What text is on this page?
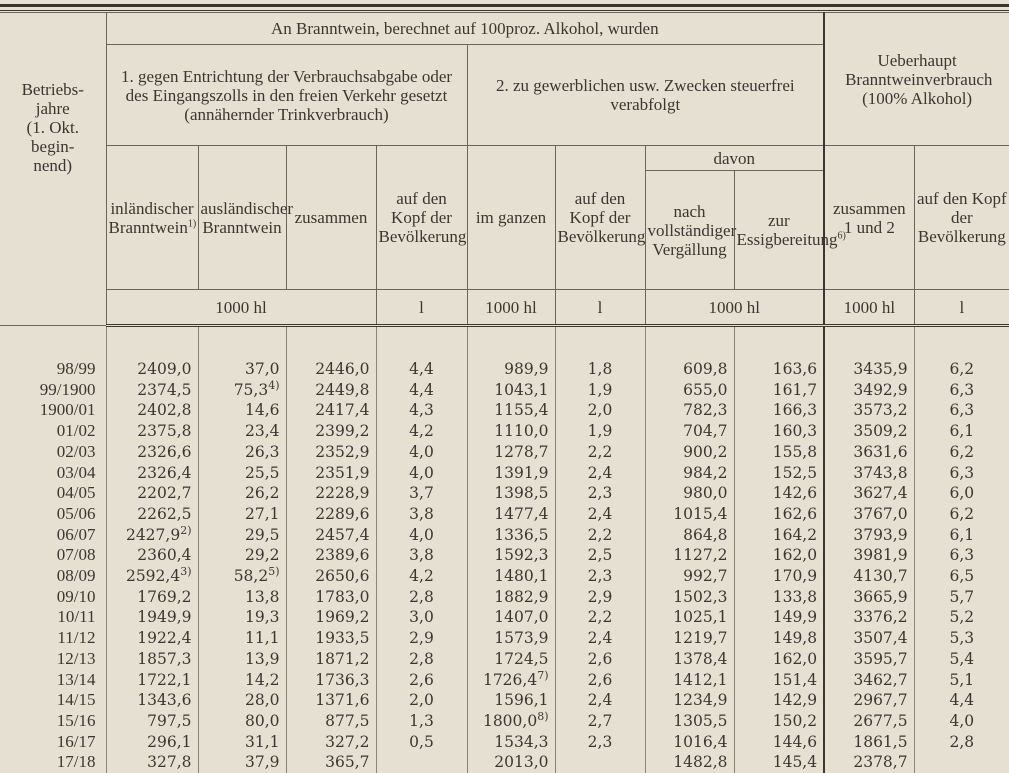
Betriebs-
jahre
(1. Okt.
begin-
nend)	An Branntwein, berechnet auf 100proz. Alkohol, wurden								Ueberhaupt Branntweinverbrauch (100% Alkohol)	
	1. gegen Entrichtung der Verbrauchsabgabe oder des Eingangszolls in den freien Verkehr gesetzt (annähernder Trinkverbrauch)				2. zu gewerblichen usw. Zwecken steuerfrei verabfolgt					
	inländischer Branntwein$^{1)}$	ausländischer Branntwein	zusammen	auf den Kopf der Bevölkerung	im ganzen	auf den Kopf der Bevölkerung	davon		zusammen 1 und 2	auf den Kopf der Bevölkerung
							nach vollständiger Vergällung	zur Essigbereitung$^{6)}$
	1000 hl			l	1000 hl	l	1000 hl		1000 hl	l

98/99	2409,0	37,0	2446,0	4,4	989,9	1,8	609,8	163,6	3435,9	6,2
99/1900	2374,5	75,3$^{4)}$	2449,8	4,4	1043,1	1,9	655,0	161,7	3492,9	6,3
1900/01	2402,8	14,6	2417,4	4,3	1155,4	2,0	782,3	166,3	3573,2	6,3
01/02	2375,8	23,4	2399,2	4,2	1110,0	1,9	704,7	160,3	3509,2	6,1
02/03	2326,6	26,3	2352,9	4,0	1278,7	2,2	900,2	155,8	3631,6	6,2
03/04	2326,4	25,5	2351,9	4,0	1391,9	2,4	984,2	152,5	3743,8	6,3
04/05	2202,7	26,2	2228,9	3,7	1398,5	2,3	980,0	142,6	3627,4	6,0
05/06	2262,5	27,1	2289,6	3,8	1477,4	2,4	1015,4	162,6	3767,0	6,2
06/07	2427,9$^{2)}$	29,5	2457,4	4,0	1336,5	2,2	864,8	164,2	3793,9	6,1
07/08	2360,4	29,2	2389,6	3,8	1592,3	2,5	1127,2	162,0	3981,9	6,3
08/09	2592,4$^{3)}$	58,2$^{5)}$	2650,6	4,2	1480,1	2,3	992,7	170,9	4130,7	6,5
09/10	1769,2	13,8	1783,0	2,8	1882,9	2,9	1502,3	133,8	3665,9	5,7
10/11	1949,9	19,3	1969,2	3,0	1407,0	2,2	1025,1	149,9	3376,2	5,2
11/12	1922,4	11,1	1933,5	2,9	1573,9	2,4	1219,7	149,8	3507,4	5,3
12/13	1857,3	13,9	1871,2	2,8	1724,5	2,6	1378,4	162,0	3595,7	5,4
13/14	1722,1	14,2	1736,3	2,6	1726,4$^{7)}$	2,6	1412,1	151,4	3462,7	5,1
14/15	1343,6	28,0	1371,6	2,0	1596,1	2,4	1234,9	142,9	2967,7	4,4
15/16	797,5	80,0	877,5	1,3	1800,0$^{8)}$	2,7	1305,5	150,2	2677,5	4,0
16/17	296,1	31,1	327,2	0,5	1534,3	2,3	1016,4	144,6	1861,5	2,8
17/18	327,8	37,9	365,7		2013,0		1482,8	145,4	2378,7	
